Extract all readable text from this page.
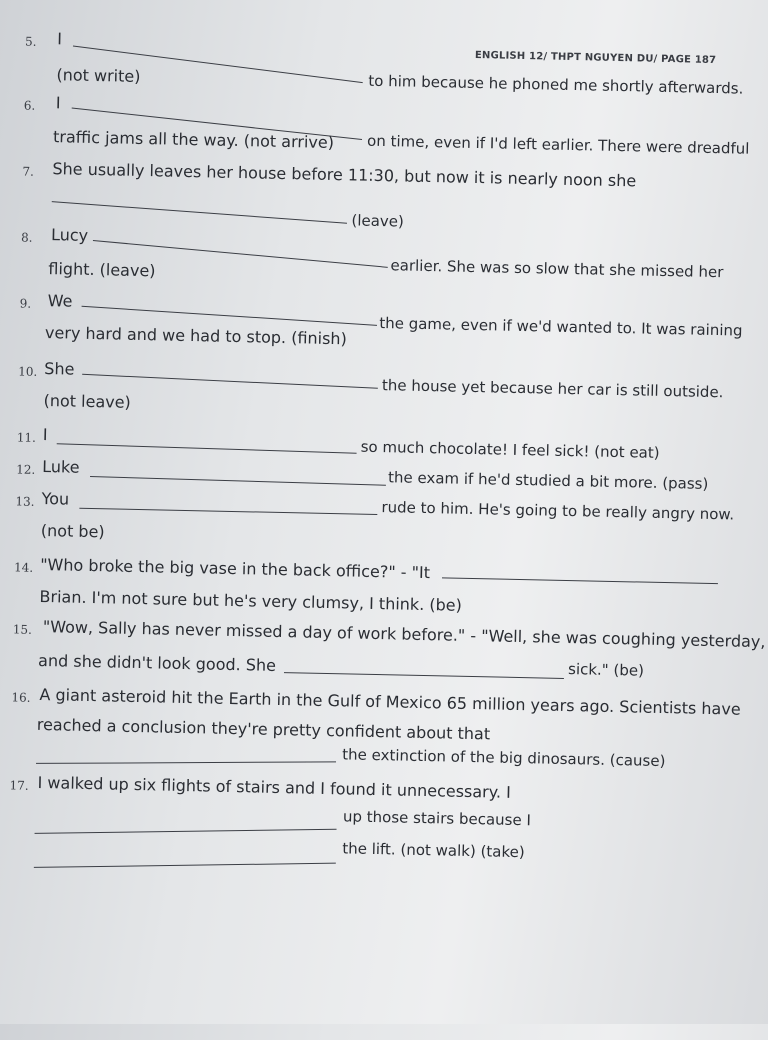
ENGLISH 12/ THPT NGUYEN DU/ PAGE 187
5. I
to him because he phoned me shortly afterwards.
(not write)
6. I
on time, even if I'd left earlier. There were dreadful
traffic jams all the way. (not arrive)
7. She usually leaves her house before 11:30, but now it is nearly noon she
(leave)
8. Lucy
earlier. She was so slow that she missed her
flight. (leave)
9. We
the game, even if we'd wanted to. It was raining
very hard and we had to stop. (finish)
10. She
the house yet because her car is still outside.
(not leave)
11. I
so much chocolate! I feel sick! (not eat)
12. Luke
the exam if he'd studied a bit more. (pass)
13. You	rude to him. He's going to be really angry now.
(not be)
14. "Who broke the big vase in the back office?" - "It
Brian. I'm not sure but he's very clumsy, I think. (be)
15. "Wow, Sally has never missed a day of work before." - "Well, she was coughing yesterday,
and she didn't look good. She	sick." (be)
16. A giant asteroid hit the Earth in the Gulf of Mexico 65 million years ago. Scientists have
reached a conclusion they're pretty confident about that
the extinction of the big dinosaurs. (cause)
17. I walked up six flights of stairs and I found it unnecessary. I
up those stairs because I
the lift. (not walk) (take)
